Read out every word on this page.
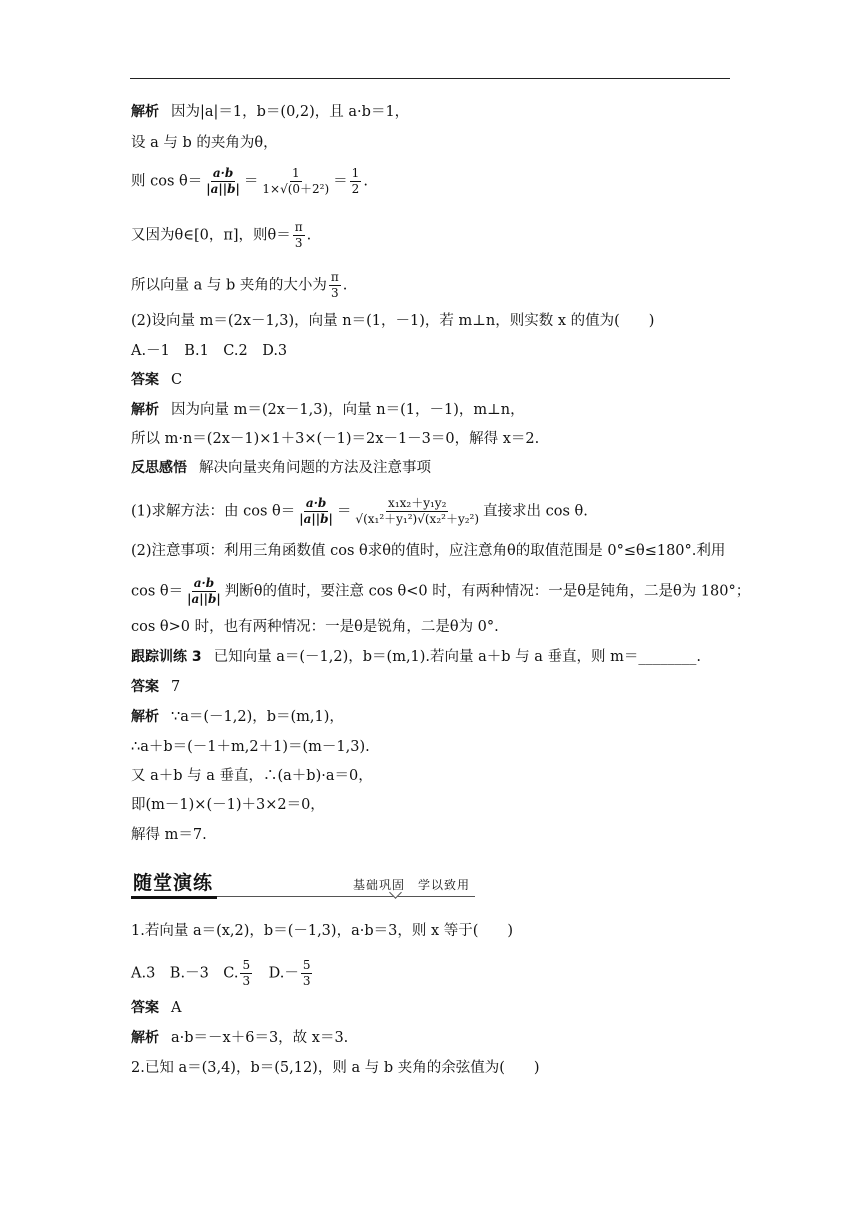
解析 因为|a|＝1，b＝(0,2)，且 a·b＝1，
设 a 与 b 的夹角为θ，
则 $\cos \theta= \frac{a\cdot b}{|a||b|} = \frac{1}{\text{1×√(0＋2²)}} = \frac{1}{2}$ .
又因为θ∈[0，π]，则$\theta= \frac{\pi}{3}$ .
所以向量 a 与 b 夹角的大小为 $\frac{\pi}{3}$ .
(2)设向量 m＝(2x－1,3)，向量 n＝(1，－1)，若 m⊥n，则实数 x 的值为(　　)
A.－1　B.1　C.2　D.3
答案 C
解析 因为向量 m＝(2x－1,3)，向量 n＝(1，－1)，m⊥n，
所以 m·n＝(2x－1)×1＋3×(－1)＝2x－1－3＝0，解得 x＝2.
反思感悟 解决向量夹角问题的方法及注意事项
(1)求解方法：由 $\cos \theta= \frac{a\cdot b}{|a||b|} = \frac{\text{x₁x₂＋y₁y₂}}{\text{√(x₁²＋y₁²)√(x₂²＋y₂²)}}$ 直接求出 cos θ.
(2)注意事项：利用三角函数值 cos θ求θ的值时，应注意角θ的取值范围是 0°≤θ≤180°.利用
$\cos \theta= \frac{a\cdot b}{|a||b|}$ 判断θ的值时，要注意 cos θ<0 时，有两种情况：一是θ是钝角，二是θ为 180°；
cos θ>0 时，也有两种情况：一是θ是锐角，二是θ为 0°.
跟踪训练 3 已知向量 a＝(－1,2)，b＝(m,1).若向量 a＋b 与 a 垂直，则 m＝________.
答案 7
解析 ∵a＝(－1,2)，b＝(m,1)，
∴a＋b＝(－1＋m,2＋1)＝(m－1,3).
又 a＋b 与 a 垂直，∴(a＋b)·a＝0，
即(m－1)×(－1)＋3×2＝0，
解得 m＝7.
随堂演练	基础巩固　学以致用
1.若向量 a＝(x,2)，b＝(－1,3)，a·b＝3，则 x 等于(　　)
A.3　B.－3　C. $\frac{5}{3}$ 　$D.- \frac{5}{3}$
答案 A
解析 a·b＝－x＋6＝3，故 x＝3.
2.已知 a＝(3,4)，b＝(5,12)，则 a 与 b 夹角的余弦值为(　　)
